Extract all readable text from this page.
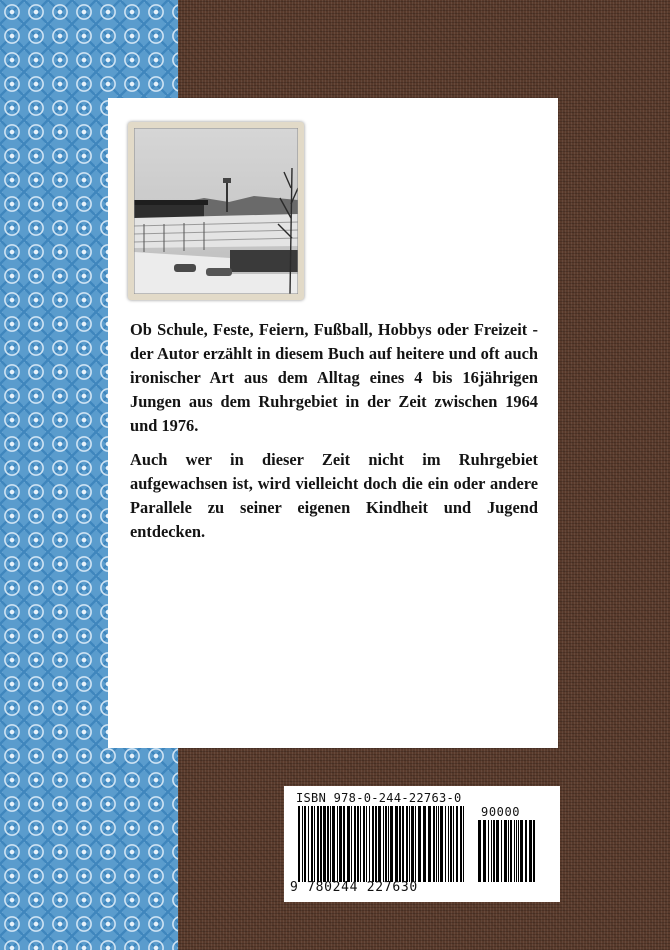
Ob Schule, Feste, Feiern, Fußball, Hobbys oder Freizeit - der Autor erzählt in diesem Buch auf heitere und oft auch ironischer Art aus dem Alltag eines 4 bis 16jährigen Jungen aus dem Ruhrgebiet in der Zeit zwischen 1964 und 1976.

Auch wer in dieser Zeit nicht im Ruhrgebiet aufgewachsen ist, wird vielleicht doch die ein oder andere Parallele zu seiner eigenen Kindheit und Jugend entdecken.

ISBN 978-0-244-22763-0
90000
9 780244 227630
